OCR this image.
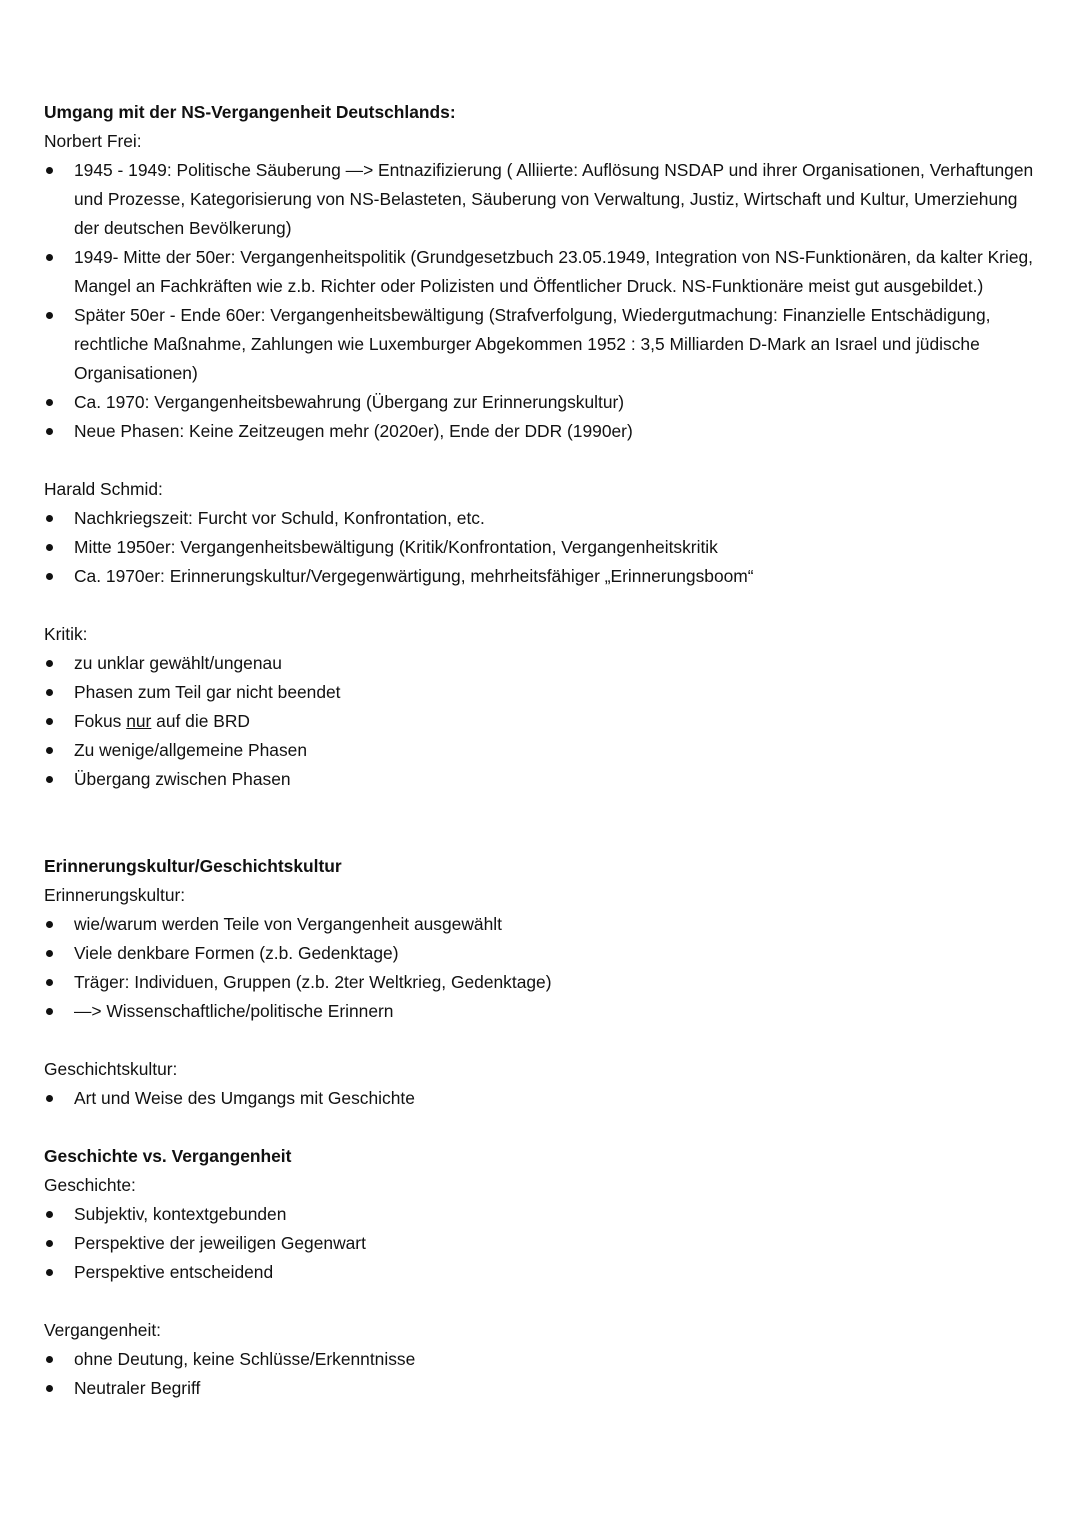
Umgang mit der NS-Vergangenheit Deutschlands:
Norbert Frei:
1945 - 1949: Politische Säuberung —> Entnazifizierung ( Alliierte: Auflösung NSDAP und ihrer Organisationen, Verhaftungen und Prozesse, Kategorisierung von NS-Belasteten, Säuberung von Verwaltung, Justiz, Wirtschaft und Kultur, Umerziehung der deutschen Bevölkerung)
1949- Mitte der 50er: Vergangenheitspolitik (Grundgesetzbuch 23.05.1949, Integration von NS-Funktionären, da kalter Krieg, Mangel an Fachkräften wie z.b. Richter oder Polizisten und Öffentlicher Druck. NS-Funktionäre meist gut ausgebildet.)
Später 50er - Ende 60er: Vergangenheitsbewältigung (Strafverfolgung, Wiedergutmachung: Finanzielle Entschädigung, rechtliche Maßnahme, Zahlungen wie Luxemburger Abgekommen 1952 : 3,5 Milliarden D-Mark an Israel und jüdische Organisationen)
Ca. 1970: Vergangenheitsbewahrung (Übergang zur Erinnerungskultur)
Neue Phasen: Keine Zeitzeugen mehr (2020er), Ende der DDR (1990er)
Harald Schmid:
Nachkriegszeit: Furcht vor Schuld, Konfrontation, etc.
Mitte 1950er: Vergangenheitsbewältigung (Kritik/Konfrontation, Vergangenheitskritik
Ca. 1970er: Erinnerungskultur/Vergegenwärtigung, mehrheitsfähiger „Erinnerungsboom“
Kritik:
zu unklar gewählt/ungenau
Phasen zum Teil gar nicht beendet
Fokus nur auf die BRD
Zu wenige/allgemeine Phasen
Übergang zwischen Phasen
Erinnerungskultur/Geschichtskultur
Erinnerungskultur:
wie/warum werden Teile von Vergangenheit ausgewählt
Viele denkbare Formen (z.b. Gedenktage)
Träger: Individuen, Gruppen (z.b. 2ter Weltkrieg, Gedenktage)
—> Wissenschaftliche/politische Erinnern
Geschichtskultur:
Art und Weise des Umgangs mit Geschichte
Geschichte vs. Vergangenheit
Geschichte:
Subjektiv, kontextgebunden
Perspektive der jeweiligen Gegenwart
Perspektive entscheidend
Vergangenheit:
ohne Deutung, keine Schlüsse/Erkenntnisse
Neutraler Begriff
